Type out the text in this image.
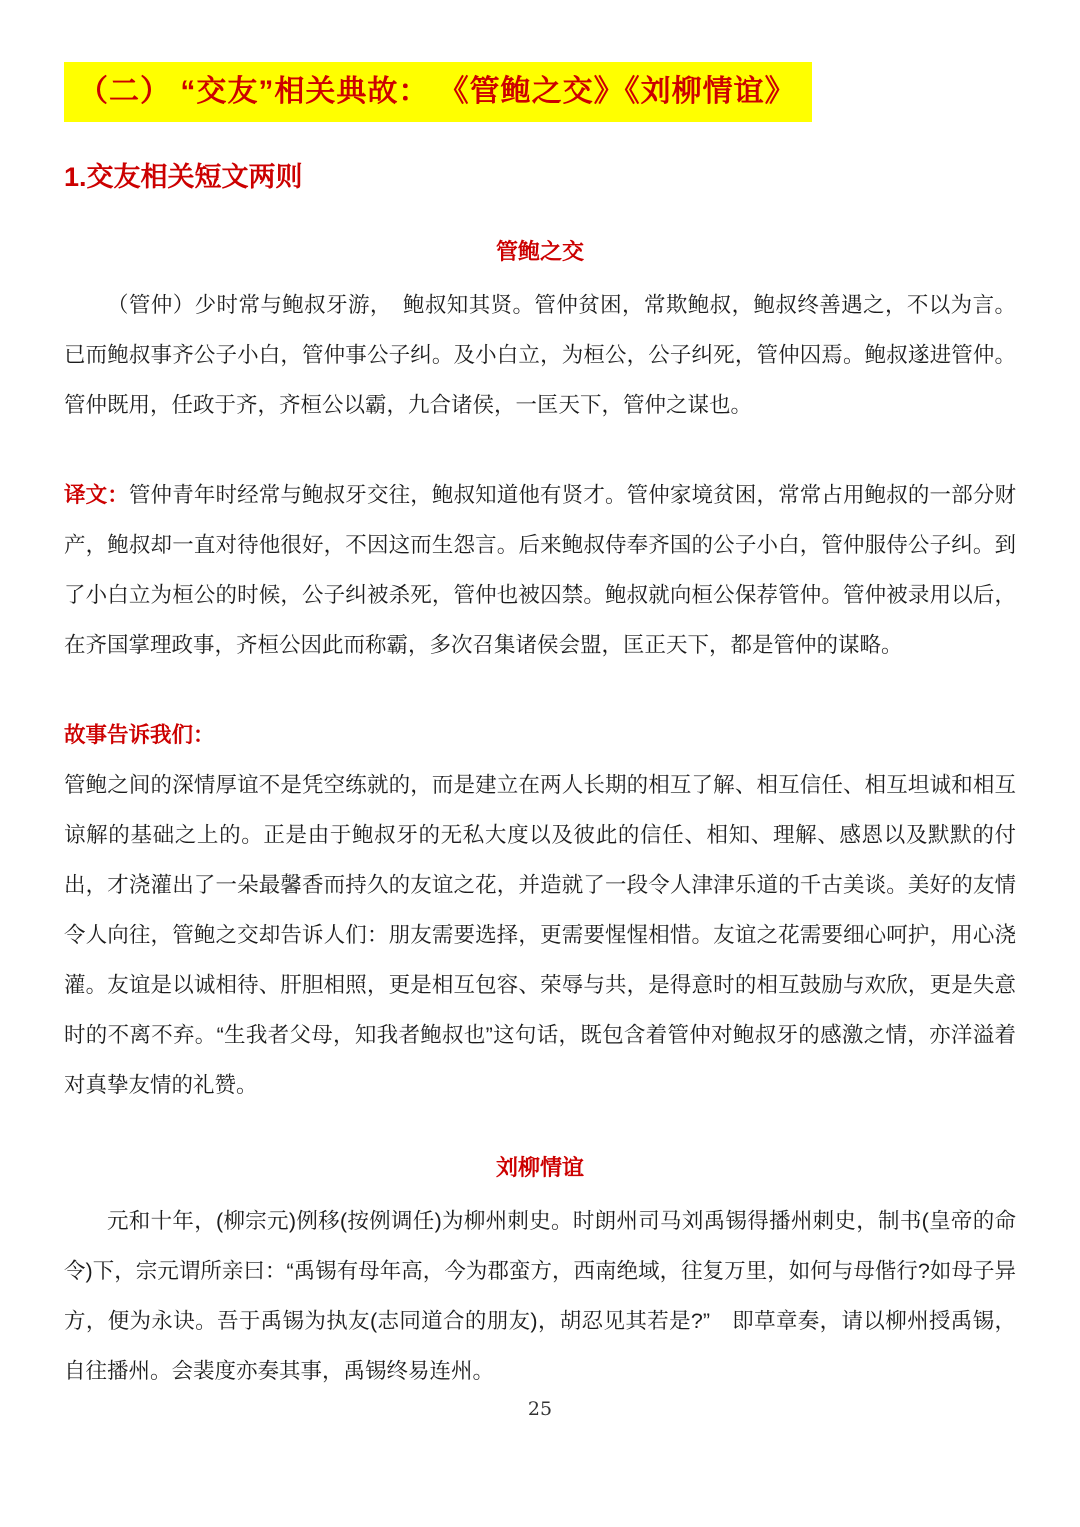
（二） “交友”相关典故： 《管鲍之交》《刘柳情谊》
1.交友相关短文两则
管鲍之交

（管仲）少时常与鲍叔牙游，　鲍叔知其贤。管仲贫困，常欺鲍叔，鲍叔终善遇之，不以为言。已而鲍叔事齐公子小白，管仲事公子纠。及小白立，为桓公，公子纠死，管仲囚焉。鲍叔遂进管仲。管仲既用，任政于齐，齐桓公以霸，九合诸侯，一匡天下，管仲之谋也。

译文：管仲青年时经常与鲍叔牙交往，鲍叔知道他有贤才。管仲家境贫困，常常占用鲍叔的一部分财产，鲍叔却一直对待他很好，不因这而生怨言。后来鲍叔侍奉齐国的公子小白，管仲服侍公子纠。到了小白立为桓公的时候，公子纠被杀死，管仲也被囚禁。鲍叔就向桓公保荐管仲。管仲被录用以后，在齐国掌理政事，齐桓公因此而称霸，多次召集诸侯会盟，匡正天下，都是管仲的谋略。

故事告诉我们：

管鲍之间的深情厚谊不是凭空练就的，而是建立在两人长期的相互了解、相互信任、相互坦诚和相互谅解的基础之上的。正是由于鲍叔牙的无私大度以及彼此的信任、相知、理解、感恩以及默默的付出，才浇灌出了一朵最馨香而持久的友谊之花，并造就了一段令人津津乐道的千古美谈。美好的友情令人向往，管鲍之交却告诉人们：朋友需要选择，更需要惺惺相惜。友谊之花需要细心呵护，用心浇灌。友谊是以诚相待、肝胆相照，更是相互包容、荣辱与共，是得意时的相互鼓励与欢欣，更是失意时的不离不弃。“生我者父母，知我者鲍叔也”这句话，既包含着管仲对鲍叔牙的感激之情，亦洋溢着对真挚友情的礼赞。

刘柳情谊

元和十年，(柳宗元)例移(按例调任)为柳州刺史。时朗州司马刘禹锡得播州刺史，制书(皇帝的命令)下，宗元谓所亲曰：“禹锡有母年高，今为郡蛮方，西南绝域，往复万里，如何与母偕行?如母子异方，便为永诀。吾于禹锡为执友(志同道合的朋友)，胡忍见其若是?”　即草章奏，请以柳州授禹锡，自往播州。会裴度亦奏其事，禹锡终易连州。

25
